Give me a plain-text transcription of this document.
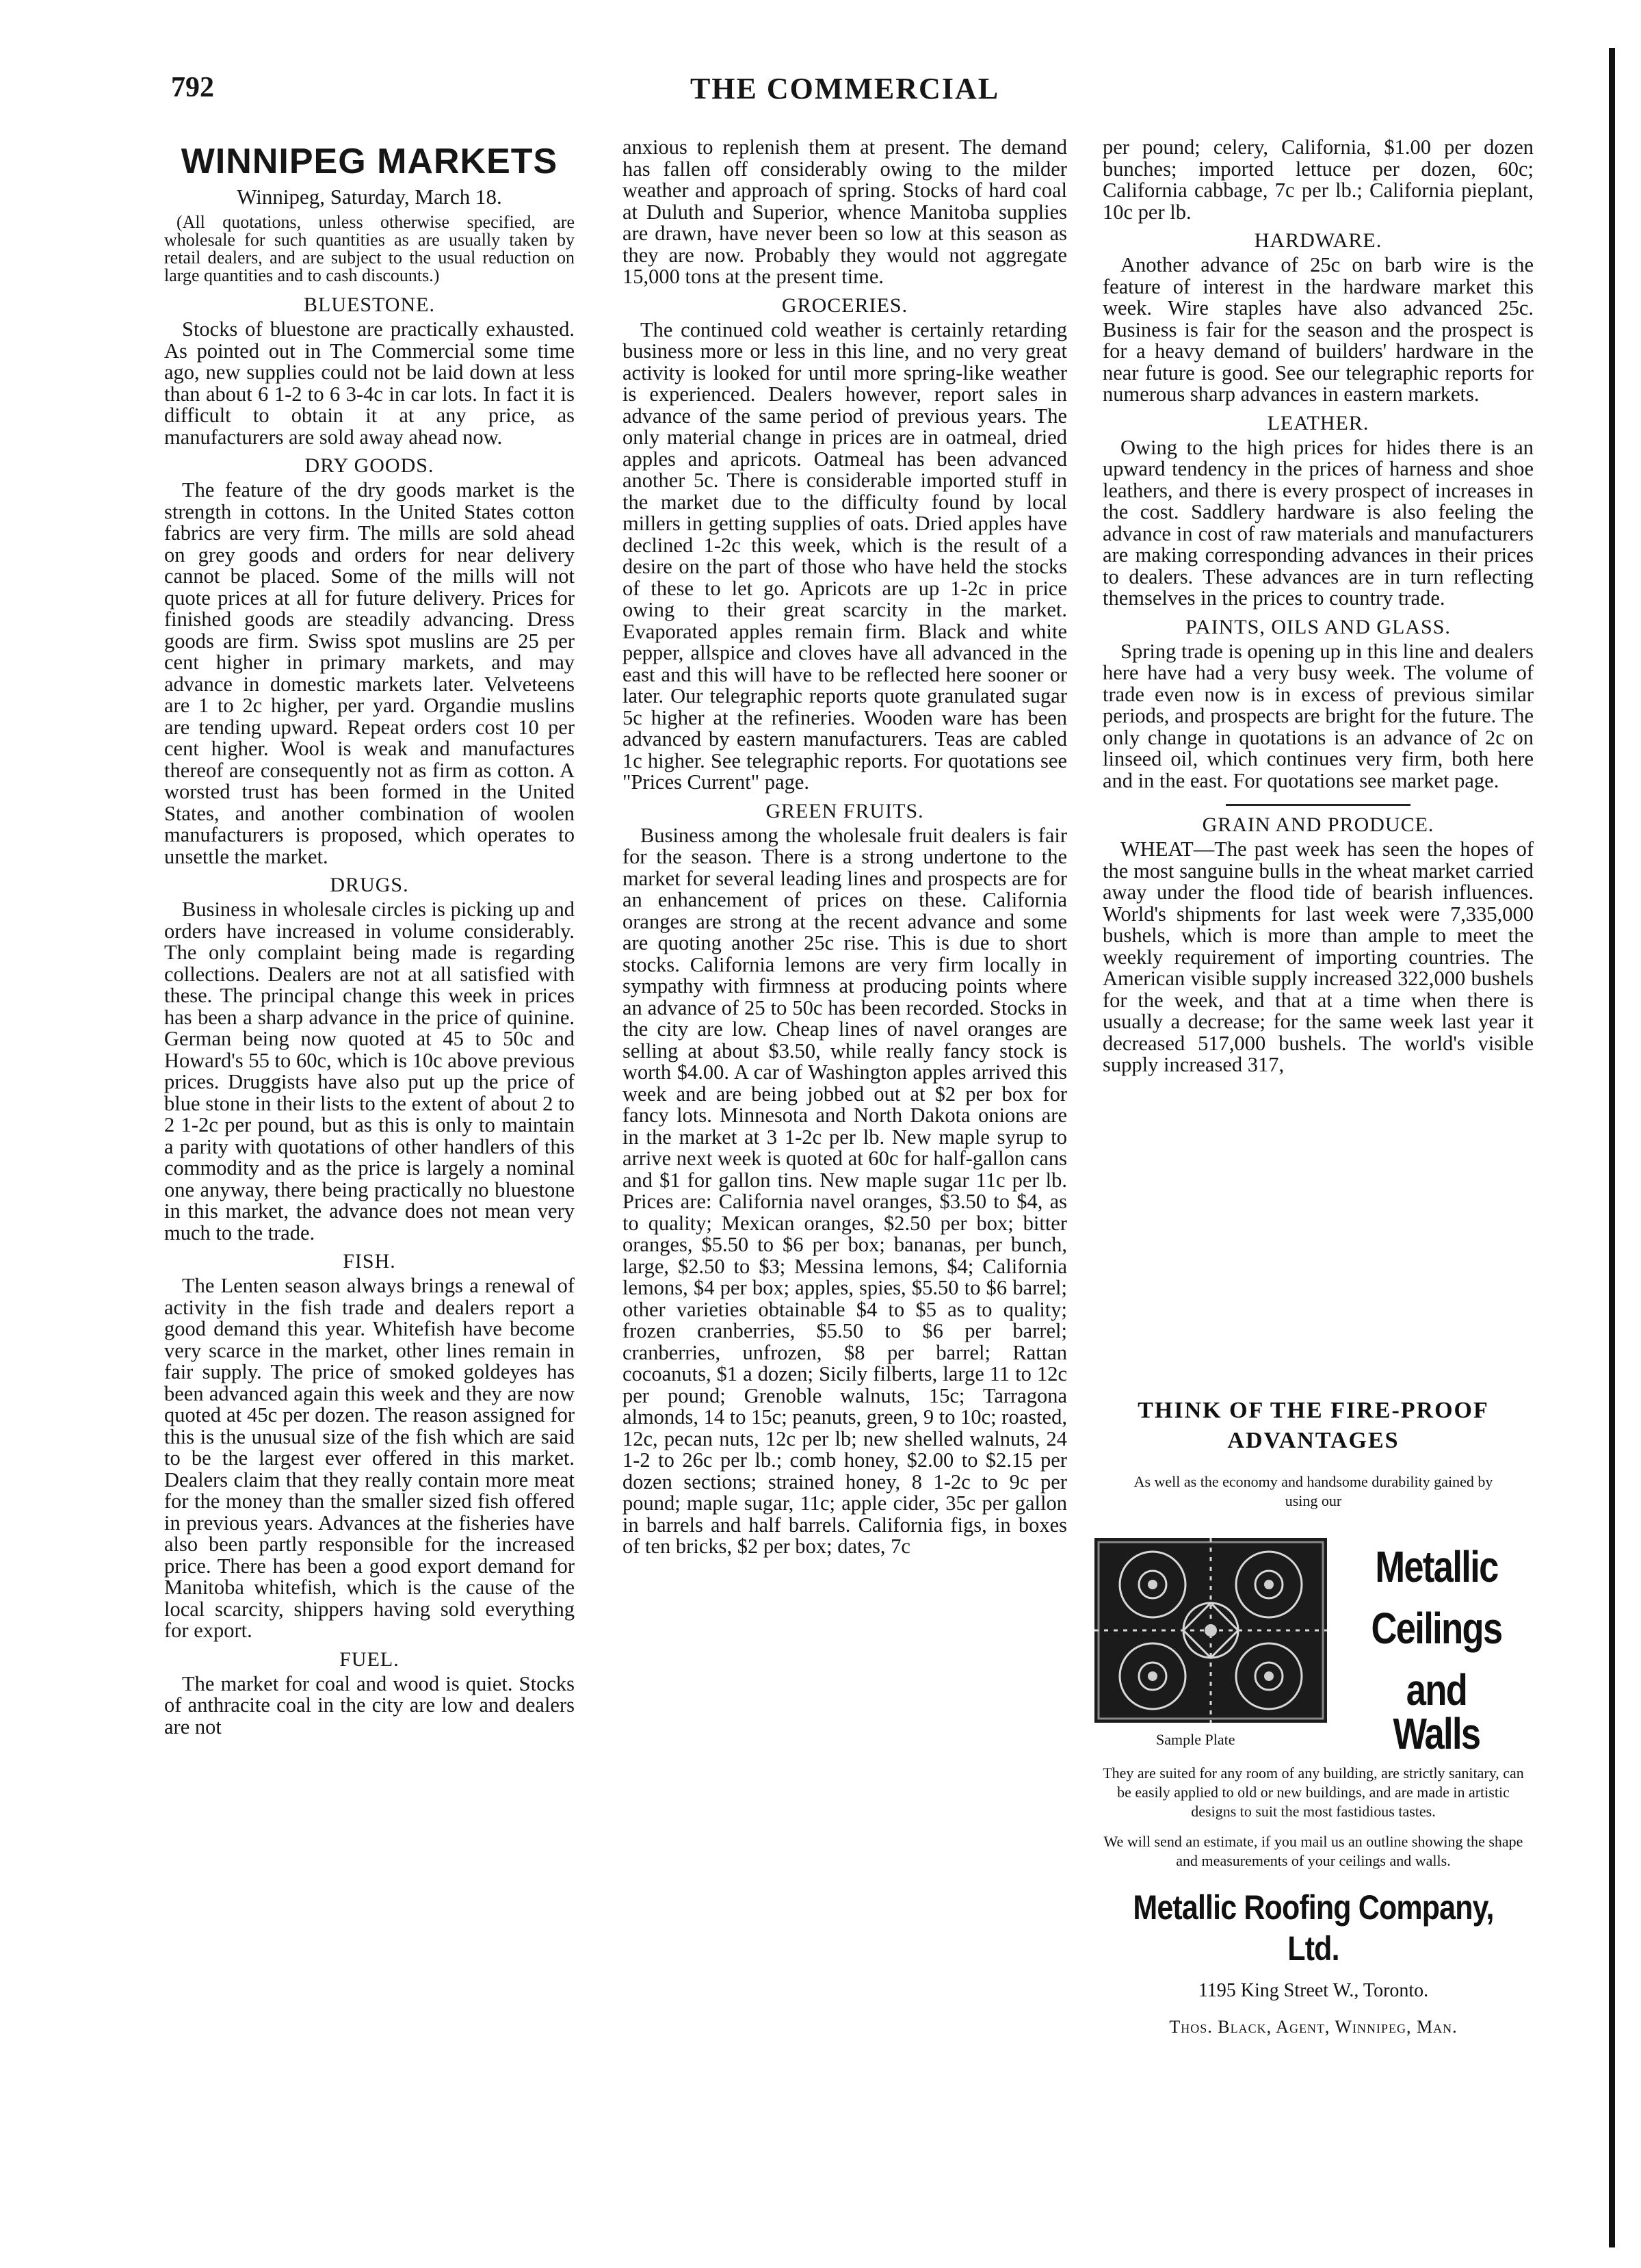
792	THE COMMERCIAL
WINNIPEG MARKETS
Winnipeg, Saturday, March 18.

(All quotations, unless otherwise specified, are wholesale for such quantities as are usually taken by retail dealers, and are subject to the usual reduction on large quantities and to cash discounts.)

BLUESTONE.

Stocks of bluestone are practically exhausted. As pointed out in The Commercial some time ago, new supplies could not be laid down at less than about 6 1-2 to 6 3-4c in car lots. In fact it is difficult to obtain it at any price, as manufacturers are sold away ahead now.

DRY GOODS.

The feature of the dry goods market is the strength in cottons. In the United States cotton fabrics are very firm. The mills are sold ahead on grey goods and orders for near delivery cannot be placed. Some of the mills will not quote prices at all for future delivery. Prices for finished goods are steadily advancing. Dress goods are firm. Swiss spot muslins are 25 per cent higher in primary markets, and may advance in domestic markets later. Velveteens are 1 to 2c higher, per yard. Organdie muslins are tending upward. Repeat orders cost 10 per cent higher. Wool is weak and manufactures thereof are consequently not as firm as cotton. A worsted trust has been formed in the United States, and another combination of woolen manufacturers is proposed, which operates to unsettle the market.

DRUGS.

Business in wholesale circles is picking up and orders have increased in volume considerably. The only complaint being made is regarding collections. Dealers are not at all satisfied with these. The principal change this week in prices has been a sharp advance in the price of quinine. German being now quoted at 45 to 50c and Howard's 55 to 60c, which is 10c above previous prices. Druggists have also put up the price of blue stone in their lists to the extent of about 2 to 2 1-2c per pound, but as this is only to maintain a parity with quotations of other handlers of this commodity and as the price is largely a nominal one anyway, there being practically no bluestone in this market, the advance does not mean very much to the trade.

FISH.

The Lenten season always brings a renewal of activity in the fish trade and dealers report a good demand this year. Whitefish have become very scarce in the market, other lines remain in fair supply. The price of smoked goldeyes has been advanced again this week and they are now quoted at 45c per dozen. The reason assigned for this is the unusual size of the fish which are said to be the largest ever offered in this market. Dealers claim that they really contain more meat for the money than the smaller sized fish offered in previous years. Advances at the fisheries have also been partly responsible for the increased price. There has been a good export demand for Manitoba whitefish, which is the cause of the local scarcity, shippers having sold everything for export.

FUEL.

The market for coal and wood is quiet. Stocks of anthracite coal in the city are low and dealers are not

anxious to replenish them at present. The demand has fallen off considerably owing to the milder weather and approach of spring. Stocks of hard coal at Duluth and Superior, whence Manitoba supplies are drawn, have never been so low at this season as they are now. Probably they would not aggregate 15,000 tons at the present time.

GROCERIES.

The continued cold weather is certainly retarding business more or less in this line, and no very great activity is looked for until more spring-like weather is experienced. Dealers however, report sales in advance of the same period of previous years. The only material change in prices are in oatmeal, dried apples and apricots. Oatmeal has been advanced another 5c. There is considerable imported stuff in the market due to the difficulty found by local millers in getting supplies of oats. Dried apples have declined 1-2c this week, which is the result of a desire on the part of those who have held the stocks of these to let go. Apricots are up 1-2c in price owing to their great scarcity in the market. Evaporated apples remain firm. Black and white pepper, allspice and cloves have all advanced in the east and this will have to be reflected here sooner or later. Our telegraphic reports quote granulated sugar 5c higher at the refineries. Wooden ware has been advanced by eastern manufacturers. Teas are cabled 1c higher. See telegraphic reports. For quotations see "Prices Current" page.

GREEN FRUITS.

Business among the wholesale fruit dealers is fair for the season. There is a strong undertone to the market for several leading lines and prospects are for an enhancement of prices on these. California oranges are strong at the recent advance and some are quoting another 25c rise. This is due to short stocks. California lemons are very firm locally in sympathy with firmness at producing points where an advance of 25 to 50c has been recorded. Stocks in the city are low. Cheap lines of navel oranges are selling at about $3.50, while really fancy stock is worth $4.00. A car of Washington apples arrived this week and are being jobbed out at $2 per box for fancy lots. Minnesota and North Dakota onions are in the market at 3 1-2c per lb. New maple syrup to arrive next week is quoted at 60c for half-gallon cans and $1 for gallon tins. New maple sugar 11c per lb. Prices are: California navel oranges, $3.50 to $4, as to quality; Mexican oranges, $2.50 per box; bitter oranges, $5.50 to $6 per box; bananas, per bunch, large, $2.50 to $3; Messina lemons, $4; California lemons, $4 per box; apples, spies, $5.50 to $6 barrel; other varieties obtainable $4 to $5 as to quality; frozen cranberries, $5.50 to $6 per barrel; cranberries, unfrozen, $8 per barrel; Rattan cocoanuts, $1 a dozen; Sicily filberts, large 11 to 12c per pound; Grenoble walnuts, 15c; Tarragona almonds, 14 to 15c; peanuts, green, 9 to 10c; roasted, 12c, pecan nuts, 12c per lb; new shelled walnuts, 24 1-2 to 26c per lb.; comb honey, $2.00 to $2.15 per dozen sections; strained honey, 8 1-2c to 9c per pound; maple sugar, 11c; apple cider, 35c per gallon in barrels and half barrels. California figs, in boxes of ten bricks, $2 per box; dates, 7c

per pound; celery, California, $1.00 per dozen bunches; imported lettuce per dozen, 60c; California cabbage, 7c per lb.; California pieplant, 10c per lb.

HARDWARE.

Another advance of 25c on barb wire is the feature of interest in the hardware market this week. Wire staples have also advanced 25c. Business is fair for the season and the prospect is for a heavy demand of builders' hardware in the near future is good. See our telegraphic reports for numerous sharp advances in eastern markets.

LEATHER.

Owing to the high prices for hides there is an upward tendency in the prices of harness and shoe leathers, and there is every prospect of increases in the cost. Saddlery hardware is also feeling the advance in cost of raw materials and manufacturers are making corresponding advances in their prices to dealers. These advances are in turn reflecting themselves in the prices to country trade.

PAINTS, OILS AND GLASS.

Spring trade is opening up in this line and dealers here have had a very busy week. The volume of trade even now is in excess of previous similar periods, and prospects are bright for the future. The only change in quotations is an advance of 2c on linseed oil, which continues very firm, both here and in the east. For quotations see market page.

GRAIN AND PRODUCE.

WHEAT—The past week has seen the hopes of the most sanguine bulls in the wheat market carried away under the flood tide of bearish influences. World's shipments for last week were 7,335,000 bushels, which is more than ample to meet the weekly requirement of importing countries. The American visible supply increased 322,000 bushels for the week, and that at a time when there is usually a decrease; for the same week last year it decreased 517,000 bushels. The world's visible supply increased 317,

THINK OF THE FIRE-PROOF
ADVANTAGES
As well as the economy and handsome durability gained by using our
Sample Plate
Metallic
Ceilings
and Walls
They are suited for any room of any building, are strictly sanitary, can be easily applied to old or new buildings, and are made in artistic designs to suit the most fastidious tastes.
We will send an estimate, if you mail us an outline showing the shape and measurements of your ceilings and walls.
Metallic Roofing Company, Ltd.
1195 King Street W., Toronto.
Thos. Black, Agent, Winnipeg, Man.
